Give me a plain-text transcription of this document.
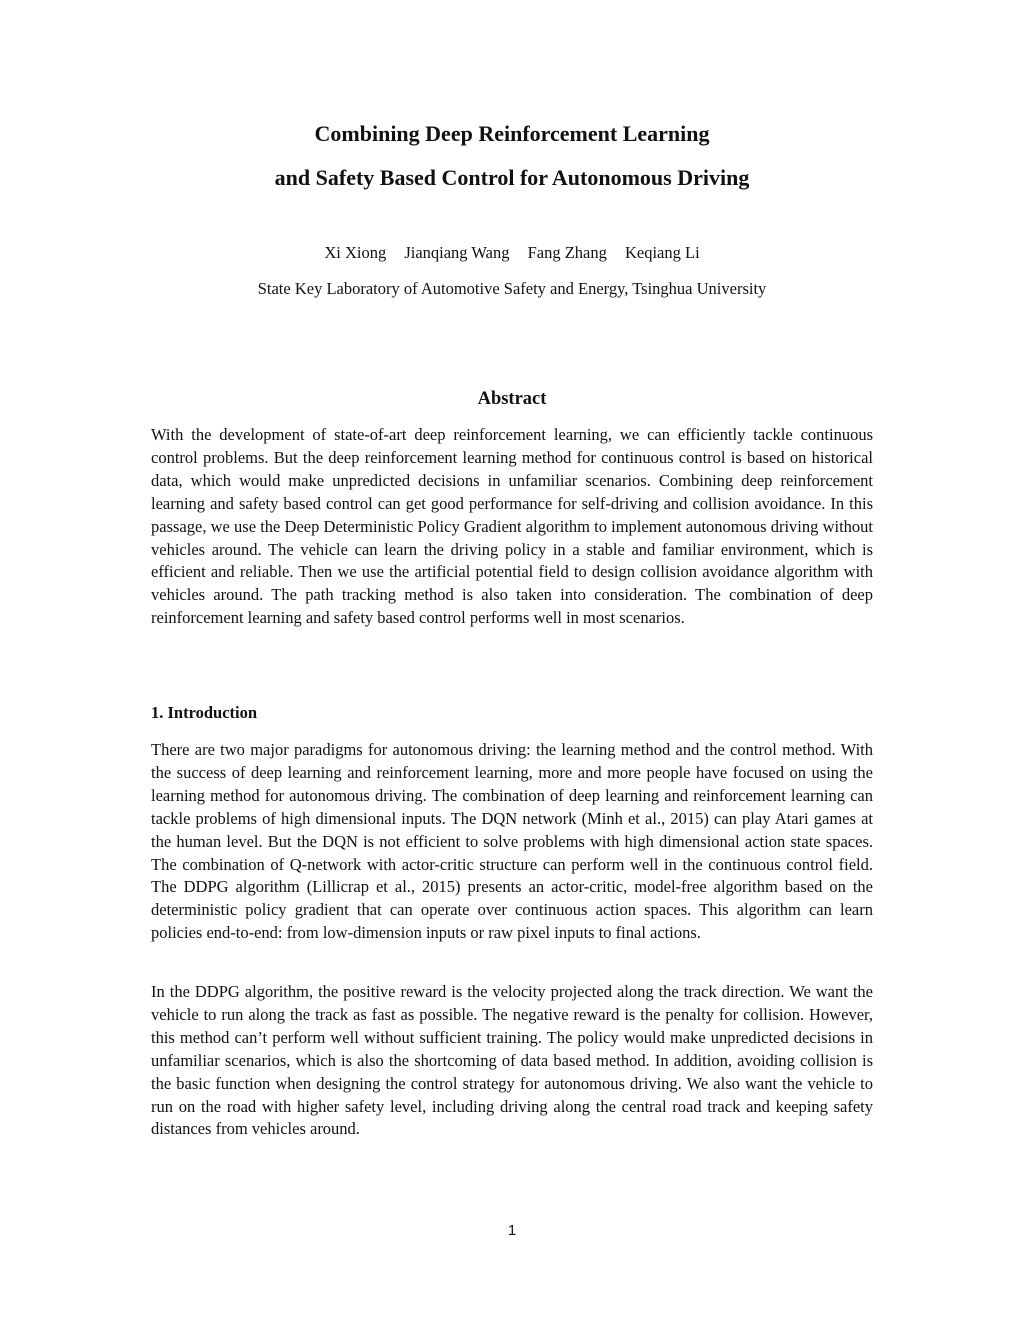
Combining Deep Reinforcement Learning
and Safety Based Control for Autonomous Driving
Xi Xiong Jianqiang Wang Fang Zhang Keqiang Li
State Key Laboratory of Automotive Safety and Energy, Tsinghua University
Abstract

With the development of state-of-art deep reinforcement learning, we can efficiently tackle continuous control problems. But the deep reinforcement learning method for continuous control is based on historical data, which would make unpredicted decisions in unfamiliar scenarios. Combining deep reinforcement learning and safety based control can get good performance for self-driving and collision avoidance. In this passage, we use the Deep Deterministic Policy Gradient algorithm to implement autonomous driving without vehicles around. The vehicle can learn the driving policy in a stable and familiar environment, which is efficient and reliable. Then we use the artificial potential field to design collision avoidance algorithm with vehicles around. The path tracking method is also taken into consideration. The combination of deep reinforcement learning and safety based control performs well in most scenarios.

1. Introduction

There are two major paradigms for autonomous driving: the learning method and the control method. With the success of deep learning and reinforcement learning, more and more people have focused on using the learning method for autonomous driving. The combination of deep learning and reinforcement learning can tackle problems of high dimensional inputs. The DQN network (Minh et al., 2015) can play Atari games at the human level. But the DQN is not efficient to solve problems with high dimensional action state spaces. The combination of Q-network with actor-critic structure can perform well in the continuous control field. The DDPG algorithm (Lillicrap et al., 2015) presents an actor-critic, model-free algorithm based on the deterministic policy gradient that can operate over continuous action spaces. This algorithm can learn policies end-to-end: from low-dimension inputs or raw pixel inputs to final actions.

In the DDPG algorithm, the positive reward is the velocity projected along the track direction. We want the vehicle to run along the track as fast as possible. The negative reward is the penalty for collision. However, this method can’t perform well without sufficient training. The policy would make unpredicted decisions in unfamiliar scenarios, which is also the shortcoming of data based method. In addition, avoiding collision is the basic function when designing the control strategy for autonomous driving. We also want the vehicle to run on the road with higher safety level, including driving along the central road track and keeping safety distances from vehicles around.

1
